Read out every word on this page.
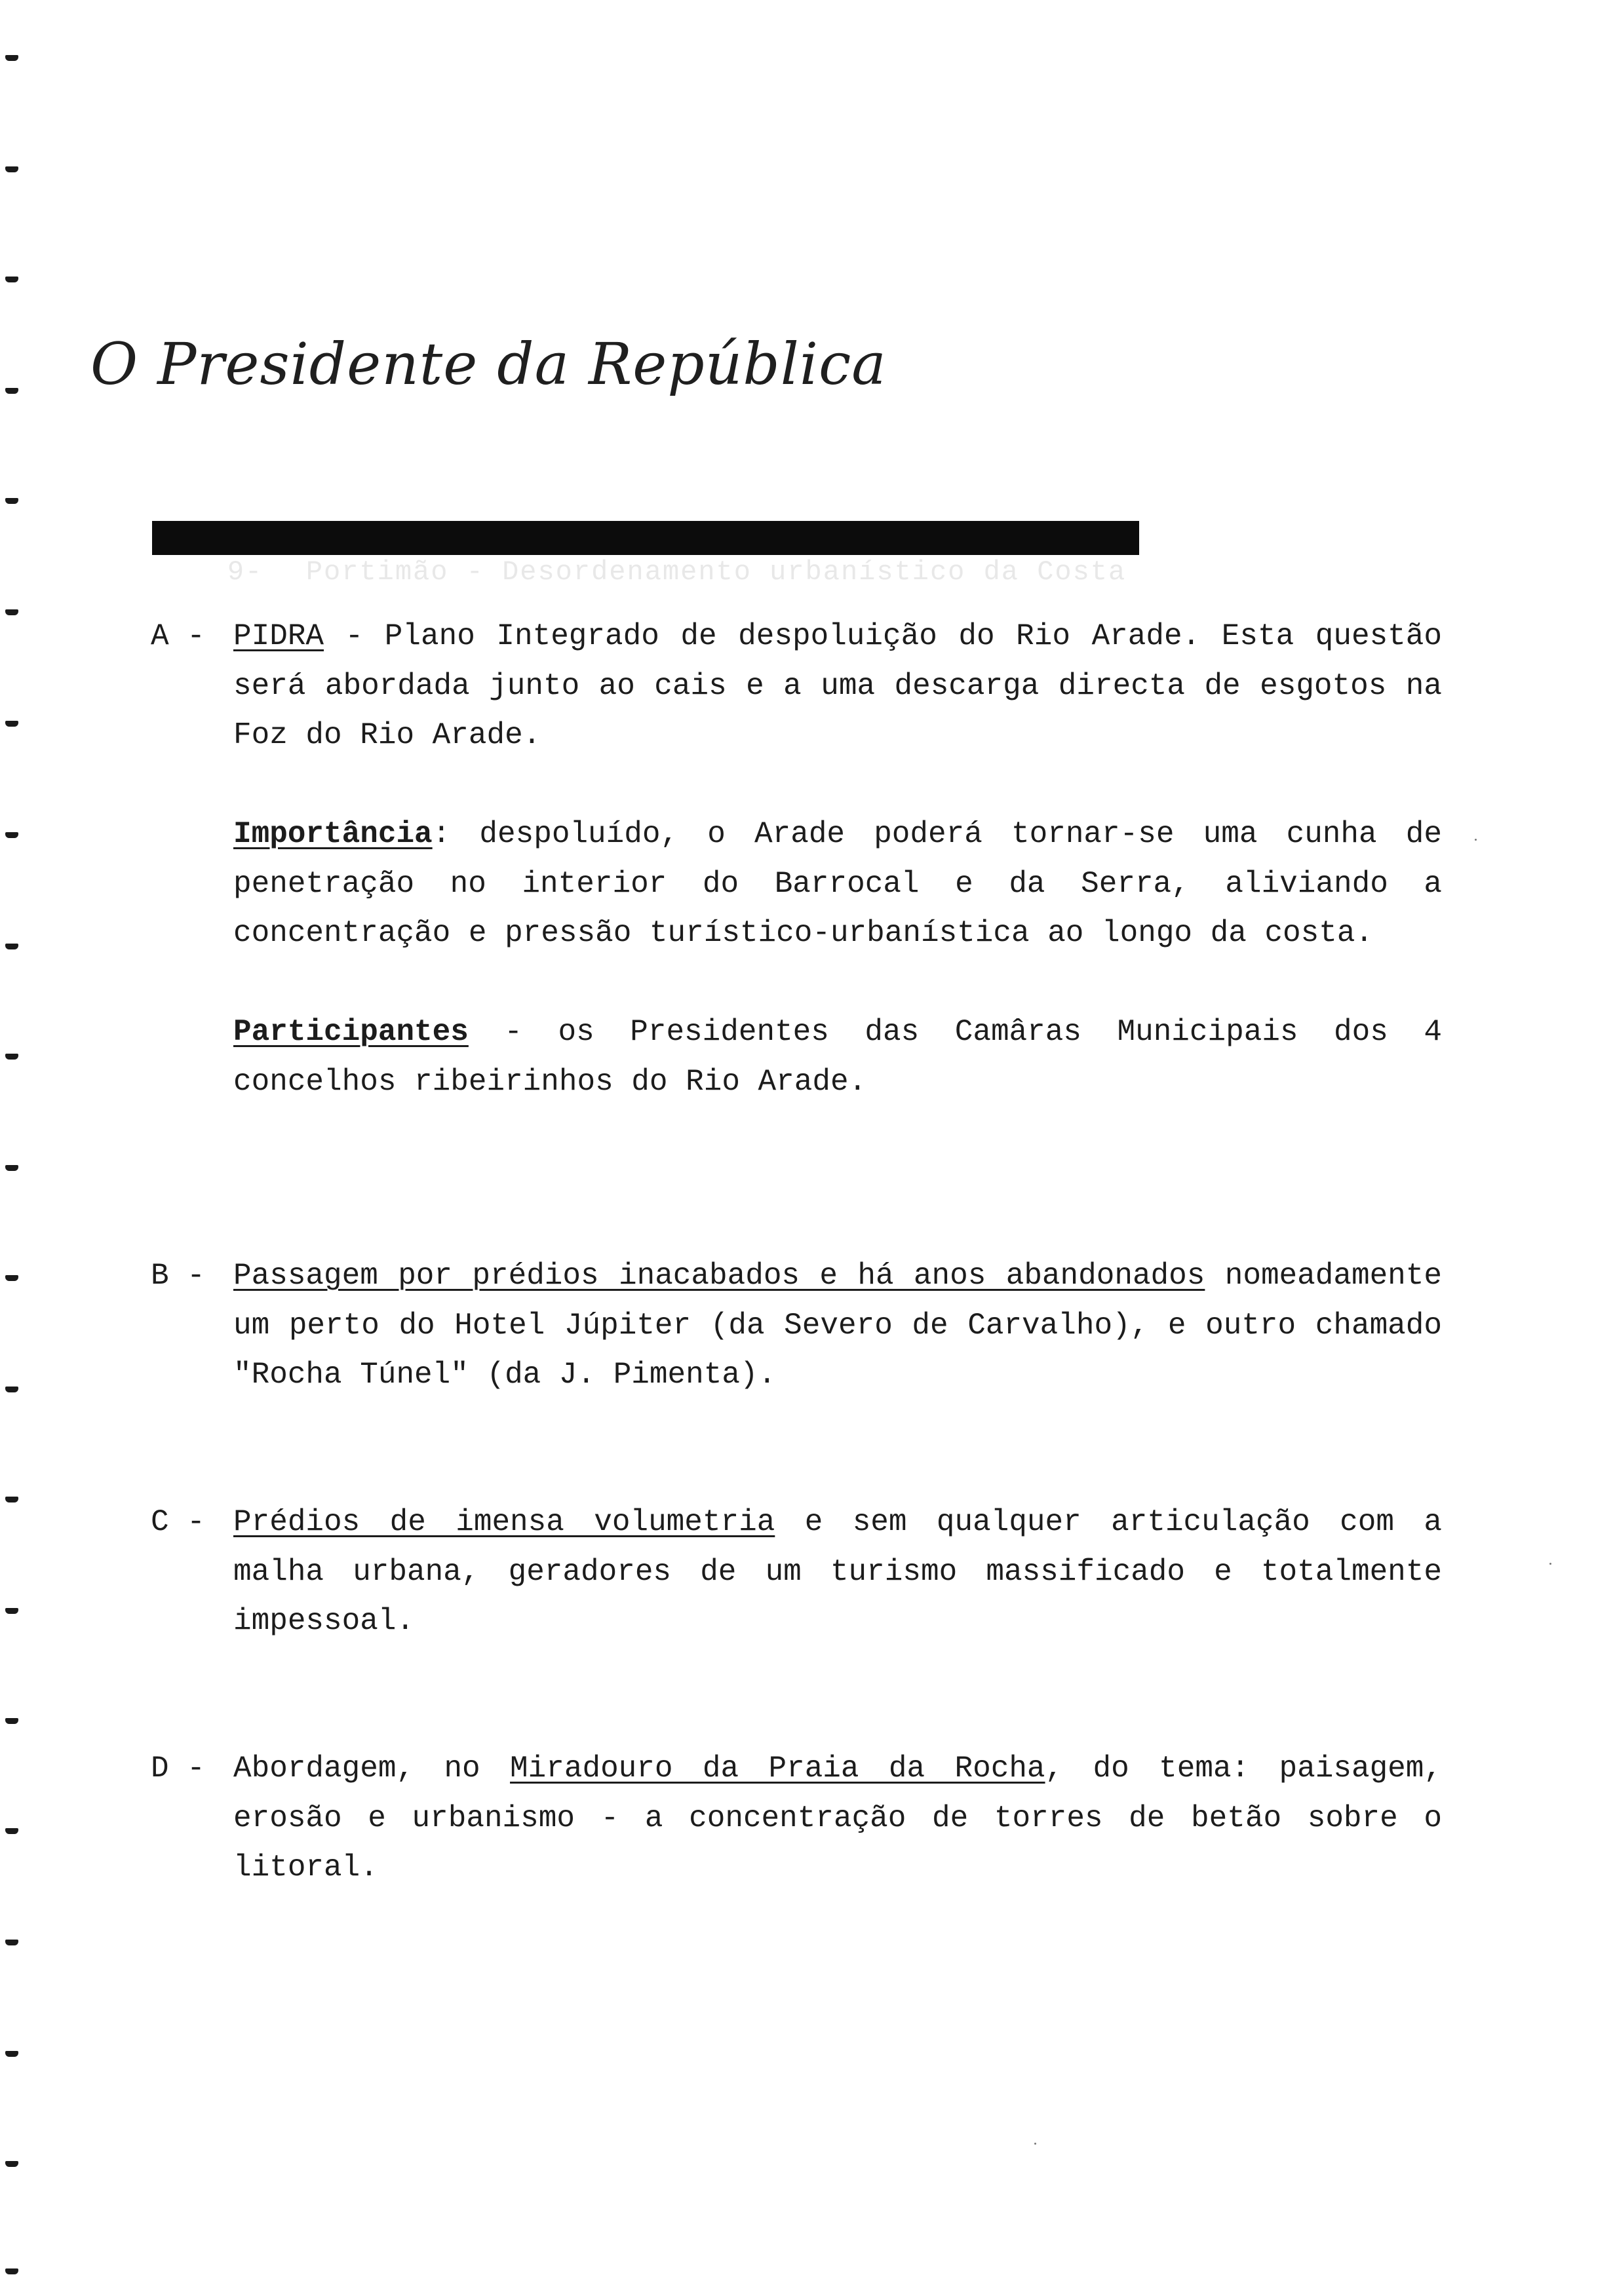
O Presidente da República

9- Portimão - Desordenamento urbanístico da Costa

A - PIDRA - Plano Integrado de despoluição do Rio Arade. Esta questão será abordada junto ao cais e a uma descarga directa de esgotos na Foz do Rio Arade.

Importância: despoluído, o Arade poderá tornar-se uma cunha de penetração no interior do Barrocal e da Serra, aliviando a concentração e pressão turístico-urbanística ao longo da costa.

Participantes - os Presidentes das Camâras Municipais dos 4 concelhos ribeirinhos do Rio Arade.

B - Passagem por prédios inacabados e há anos abandonados nomeadamente um perto do Hotel Júpiter (da Severo de Carvalho), e outro chamado "Rocha Túnel" (da J. Pimenta).

C - Prédios de imensa volumetria e sem qualquer articulação com a malha urbana, geradores de um turismo massificado e totalmente impessoal.

D - Abordagem, no Miradouro da Praia da Rocha, do tema: paisagem, erosão e urbanismo - a concentração de torres de betão sobre o litoral.
